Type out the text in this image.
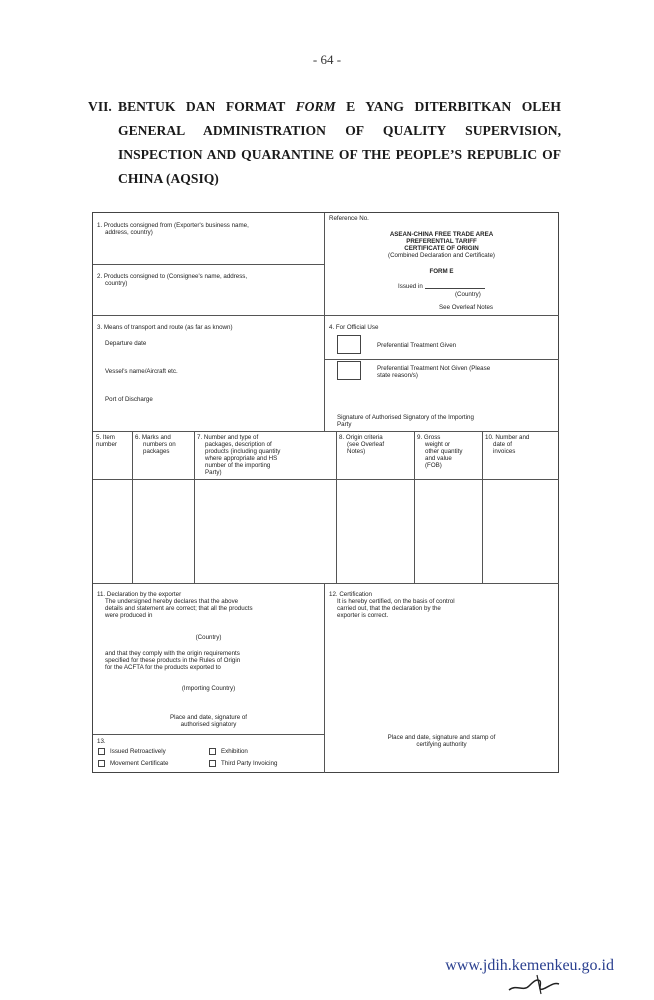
- 64 -
VII. BENTUK DAN FORMAT FORM E YANG DITERBITKAN OLEH
GENERAL ADMINISTRATION OF QUALITY SUPERVISION,
INSPECTION AND QUARANTINE OF THE PEOPLE’S REPUBLIC OF
CHINA (AQSIQ)
1. Products consigned from (Exporter's business name,
address, country)
2. Products consigned to (Consignee's name, address,
country)
Reference No.
ASEAN-CHINA FREE TRADE AREA
PREFERENTIAL TARIFF
CERTIFICATE OF ORIGIN
(Combined Declaration and Certificate)
FORM E
Issued in
(Country)
See Overleaf Notes
3. Means of transport and route (as far as known)
Departure date
Vessel's name/Aircraft etc.
Port of Discharge
4. For Official Use
Preferential Treatment Given
Preferential Treatment Not Given (Please
state reason/s)
Signature of Authorised Signatory of the Importing
Party
5. Item
number
6. Marks and
numbers on
packages
7. Number and type of
packages, description of
products (including quantity
where appropriate and HS
number of the importing
Party)
8. Origin criteria
(see Overleaf
Notes)
9. Gross
weight or
other quantity
and value
(FOB)
10. Number and
date of
invoices
11. Declaration by the exporter
The undersigned hereby declares that the above
details and statement are correct; that all the products
were produced in
(Country)
and that they comply with the origin requirements
specified for these products in the Rules of Origin
for the ACFTA for the products exported to
(Importing Country)
Place and date, signature of
authorised signatory
12. Certification
It is hereby certified, on the basis of control
carried out, that the declaration by the
exporter is correct.
Place and date, signature and stamp of
certifying authority
13.
Issued Retroactively	Exhibition
Movement Certificate	Third Party Invoicing
www.jdih.kemenkeu.go.id
